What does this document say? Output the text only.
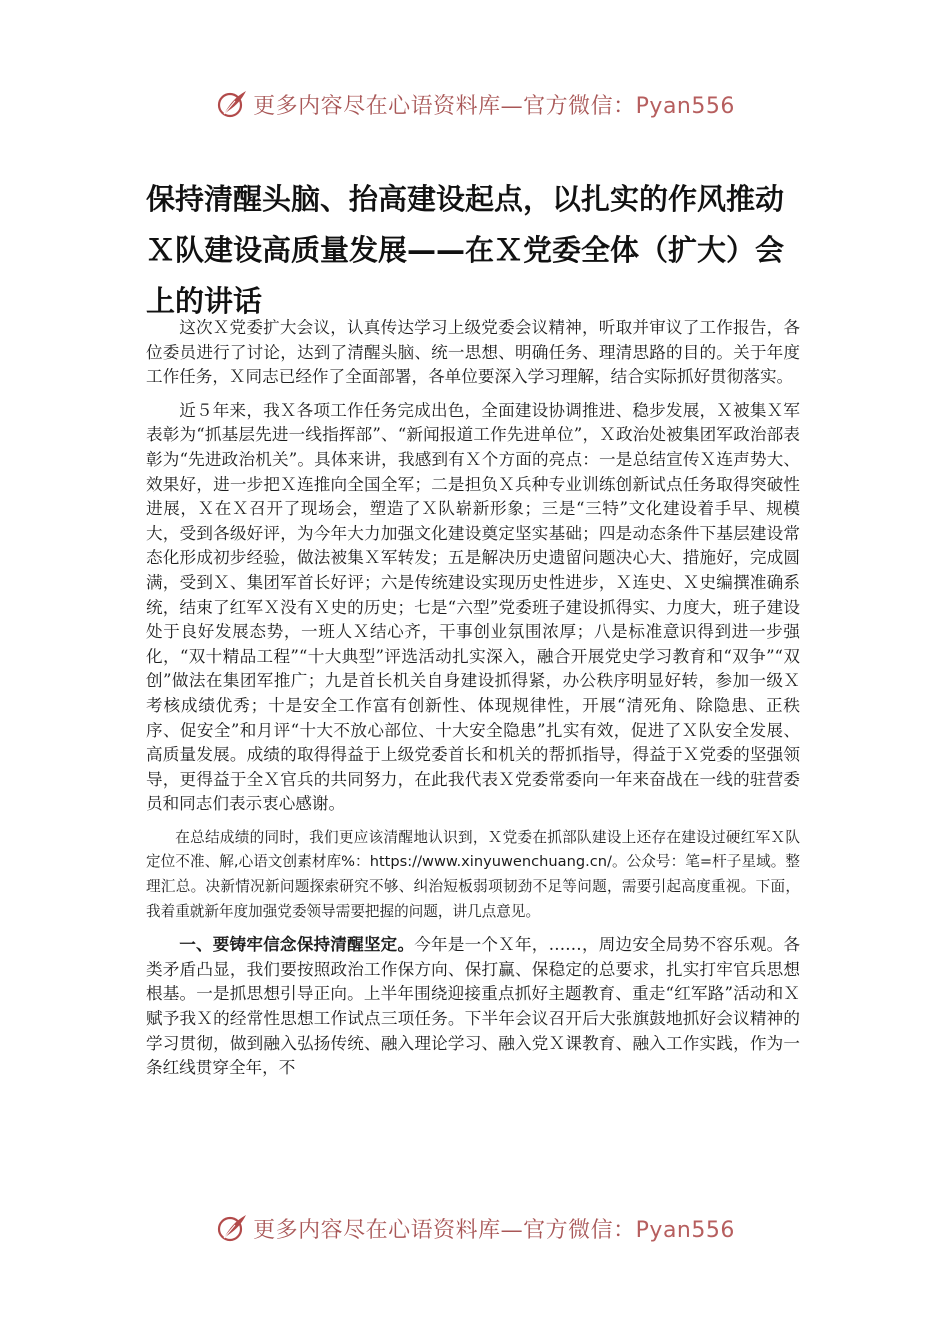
更多内容尽在心语资料库—官方微信：Pyan556
保持清醒头脑、抬高建设起点，以扎实的作风推动Ｘ队建设高质量发展——在Ｘ党委全体（扩大）会上的讲话

这次Ｘ党委扩大会议，认真传达学习上级党委会议精神，听取并审议了工作报告，各位委员进行了讨论，达到了清醒头脑、统一思想、明确任务、理清思路的目的。关于年度工作任务，Ｘ同志已经作了全面部署，各单位要深入学习理解，结合实际抓好贯彻落实。

近５年来，我Ｘ各项工作任务完成出色，全面建设协调推进、稳步发展，Ｘ被集Ｘ军表彰为“抓基层先进一线指挥部”、“新闻报道工作先进单位”，Ｘ政治处被集团军政治部表彰为“先进政治机关”。具体来讲，我感到有Ｘ个方面的亮点：一是总结宣传Ｘ连声势大、效果好，进一步把Ｘ连推向全国全军；二是担负Ｘ兵种专业训练创新试点任务取得突破性进展，Ｘ在Ｘ召开了现场会，塑造了Ｘ队崭新形象；三是“三特”文化建设着手早、规模大，受到各级好评，为今年大力加强文化建设奠定坚实基础；四是动态条件下基层建设常态化形成初步经验，做法被集Ｘ军转发；五是解决历史遗留问题决心大、措施好，完成圆满，受到Ｘ、集团军首长好评；六是传统建设实现历史性进步，Ｘ连史、Ｘ史编撰准确系统，结束了红军Ｘ没有Ｘ史的历史；七是“六型”党委班子建设抓得实、力度大，班子建设处于良好发展态势，一班人Ｘ结心齐，干事创业氛围浓厚；八是标准意识得到进一步强化，“双十精品工程”“十大典型”评选活动扎实深入，融合开展党史学习教育和“双争”“双创”做法在集团军推广；九是首长机关自身建设抓得紧，办公秩序明显好转，参加一级Ｘ考核成绩优秀；十是安全工作富有创新性、体现规律性，开展“清死角、除隐患、正秩序、促安全”和月评“十大不放心部位、十大安全隐患”扎实有效，促进了Ｘ队安全发展、高质量发展。成绩的取得得益于上级党委首长和机关的帮抓指导，得益于Ｘ党委的坚强领导，更得益于全Ｘ官兵的共同努力，在此我代表Ｘ党委常委向一年来奋战在一线的驻营委员和同志们表示衷心感谢。

在总结成绩的同时，我们更应该清醒地认识到，Ｘ党委在抓部队建设上还存在建设过硬红军Ｘ队定位不准、解,心语文创素材库%：https://www.xinyuwenchuang.cn/。公众号：笔=杆子星域。整理汇总。决新情况新问题探索研究不够、纠治短板弱项韧劲不足等问题，需要引起高度重视。下面，我着重就新年度加强党委领导需要把握的问题，讲几点意见。

一、要铸牢信念保持清醒坚定。今年是一个Ｘ年，……，周边安全局势不容乐观。各类矛盾凸显，我们要按照政治工作保方向、保打赢、保稳定的总要求，扎实打牢官兵思想根基。一是抓思想引导正向。上半年围绕迎接重点抓好主题教育、重走“红军路”活动和Ｘ赋予我Ｘ的经常性思想工作试点三项任务。下半年会议召开后大张旗鼓地抓好会议精神的学习贯彻，做到融入弘扬传统、融入理论学习、融入党Ｘ课教育、融入工作实践，作为一条红线贯穿全年，不

更多内容尽在心语资料库—官方微信：Pyan556
